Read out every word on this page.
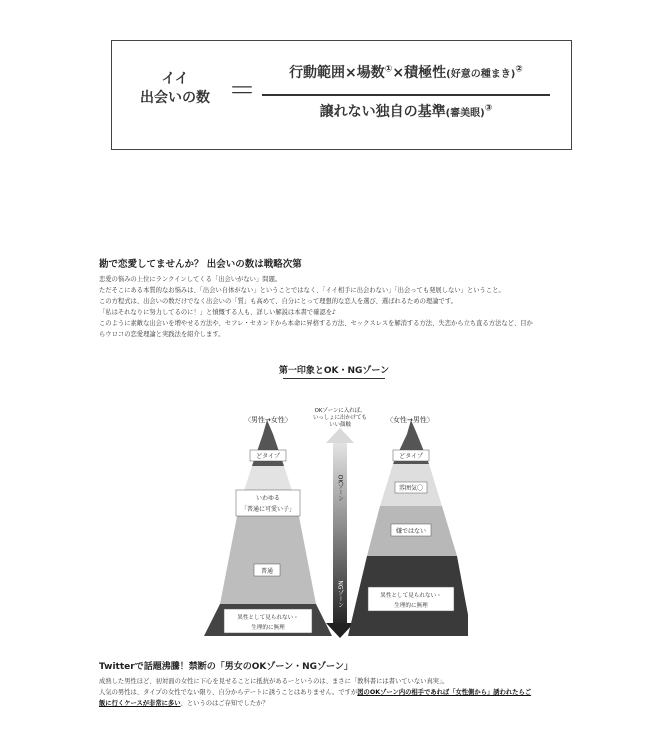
イイ
出会いの数 ＝
行動範囲×場数①×積極性(好意の種まき)②
譲れない独自の基準(審美眼)③
勘で恋愛してませんか？ 出会いの数は戦略次第

恋愛の悩みの上位にランクインしてくる「出会いがない」問題。

ただそこにある本質的なお悩みは、「出会い自体がない」ということではなく、「イイ相手に出会わない」「出会っても発展しない」ということ。

この方程式は、出会いの数だけでなく出会いの「質」も高めて、自分にとって理想的な恋人を選び、選ばれるための理論です。

「私はそれなりに努力してるのに！」と憤慨する人も、詳しい解説は本書で確認を♪

このように素敵な出会いを増やせる方法や、セフレ・セカンドから本命に昇格する方法、セックスレスを解消する方法、失恋から立ち直る方法など、目か

らウロコの恋愛理論と実践法を紹介します。

第一印象とOK・NGゾーン
〈男性→女性〉
どタイプ
いわゆる
「普通に可愛い子」
普通
異性として見られない・
生理的に無理
OKゾーンに入れば、
いっしょに出かけても
いい顔触
OKゾーン
NGゾーン
〈女性→男性〉
どタイプ
雰囲気〇
嫌ではない
異性として見られない・
生理的に無理
Twitterで話題沸騰！禁断の「男女のOKゾーン・NGゾーン」

成熟した男性ほど、初対面の女性に下心を見せることに抵抗があるーというのは、まさに「教科書には書いていない真実」。

人気の男性は、タイプの女性でない限り、自分からデートに誘うことはありません。ですが図のOKゾーン内の相手であれば「女性側から」誘われたらご

飯に行くケースが非常に多い、というのはご存知でしたか？
